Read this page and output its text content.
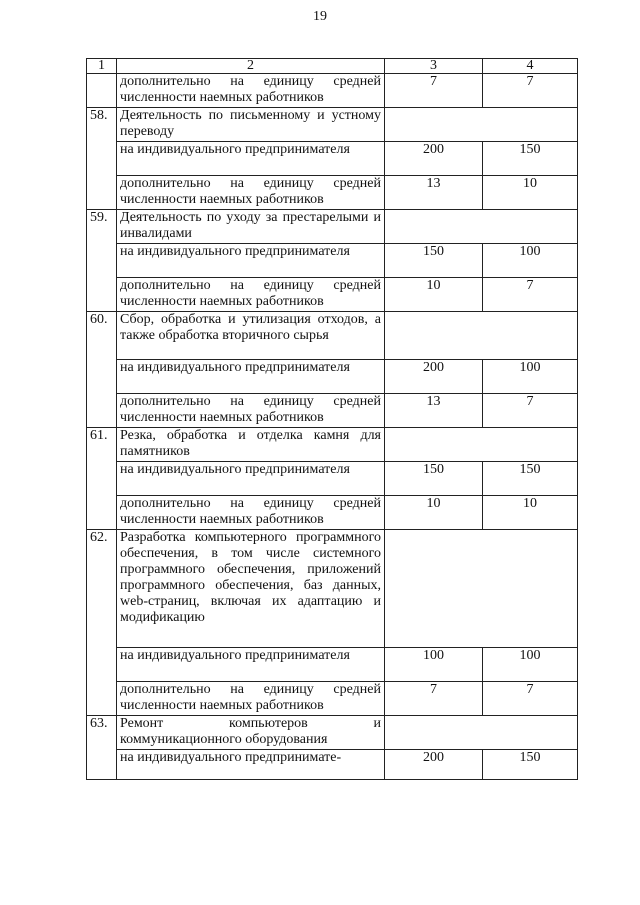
19
1	2	3	4
	дополнительно на единицу средней численности наемных работников	7	7
58.	Деятельность по письменному и устному переводу		
	на индивидуального предпринимателя	200	150
	дополнительно на единицу средней численности наемных работников	13	10
59.	Деятельность по уходу за престарелыми и инвалидами		
	на индивидуального предпринимателя	150	100
	дополнительно на единицу средней численности наемных работников	10	7
60.	Сбор, обработка и утилизация отходов, а также обработка вторичного сырья		
	на индивидуального предпринимателя	200	100
	дополнительно на единицу средней численности наемных работников	13	7
61.	Резка, обработка и отделка камня для памятников		
	на индивидуального предпринимателя	150	150
	дополнительно на единицу средней численности наемных работников	10	10
62.	Разработка компьютерного программного обеспечения, в том числе системного программного обеспечения, приложений программного обеспечения, баз данных, web-страниц, включая их адаптацию и модификацию		
	на индивидуального предпринимателя	100	100
	дополнительно на единицу средней численности наемных работников	7	7
63.	Ремонт компьютеров и коммуникационного оборудования		
	на индивидуального предпринимате-	200	150
